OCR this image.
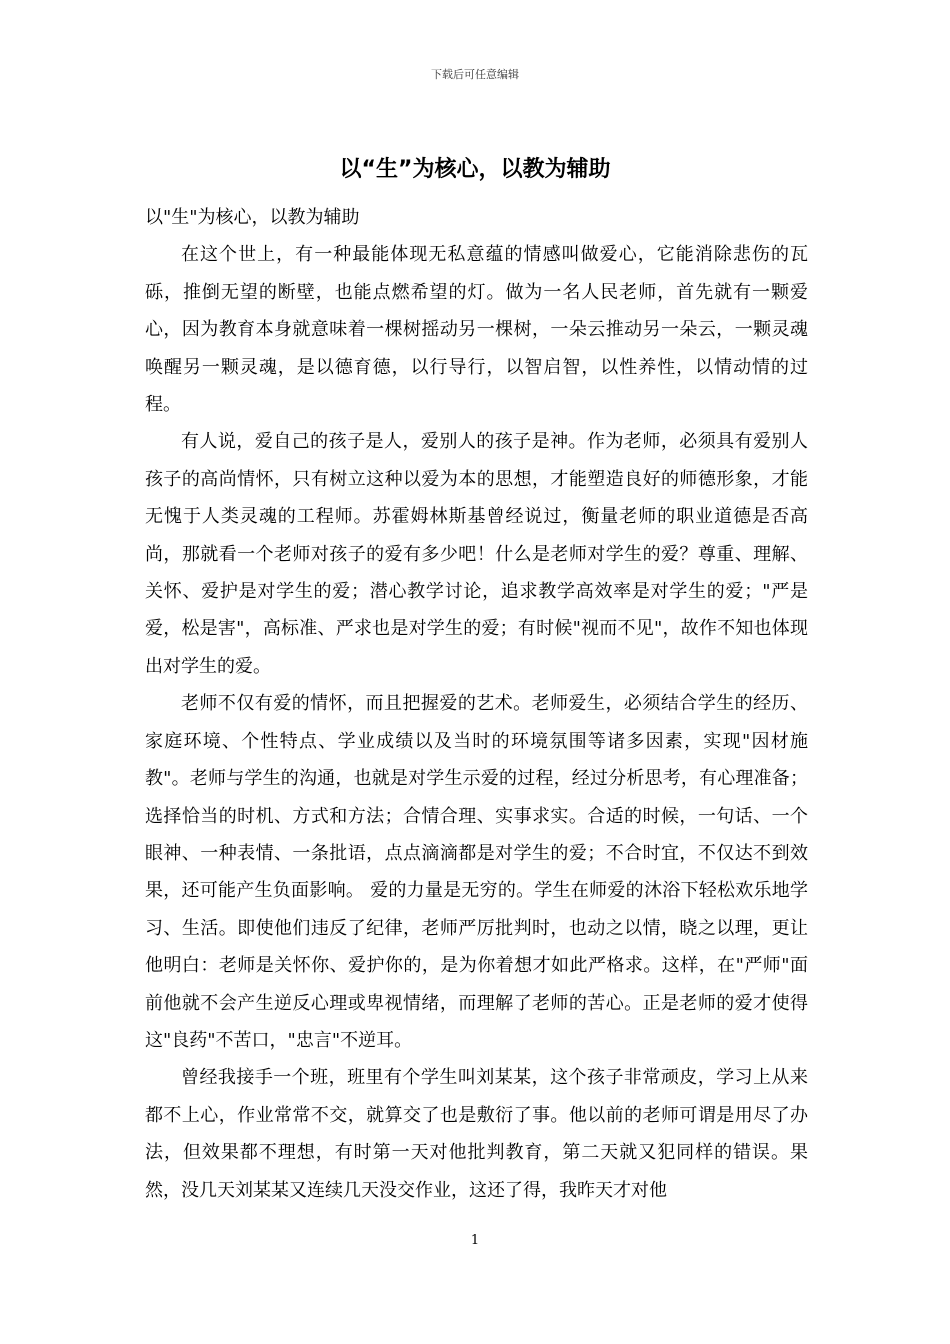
下载后可任意编辑
以“生”为核心，以教为辅助

以"生"为核心，以教为辅助

在这个世上，有一种最能体现无私意蕴的情感叫做爱心，它能消除悲伤的瓦砾，推倒无望的断壁，也能点燃希望的灯。做为一名人民老师，首先就有一颗爱心，因为教育本身就意味着一棵树摇动另一棵树，一朵云推动另一朵云，一颗灵魂唤醒另一颗灵魂，是以德育德，以行导行，以智启智，以性养性，以情动情的过程。

有人说，爱自己的孩子是人，爱别人的孩子是神。作为老师，必须具有爱别人孩子的高尚情怀，只有树立这种以爱为本的思想，才能塑造良好的师德形象，才能无愧于人类灵魂的工程师。苏霍姆林斯基曾经说过，衡量老师的职业道德是否高尚，那就看一个老师对孩子的爱有多少吧！什么是老师对学生的爱？尊重、理解、关怀、爱护是对学生的爱；潜心教学讨论，追求教学高效率是对学生的爱；"严是爱，松是害"，高标准、严求也是对学生的爱；有时候"视而不见"，故作不知也体现出对学生的爱。

老师不仅有爱的情怀，而且把握爱的艺术。老师爱生，必须结合学生的经历、家庭环境、个性特点、学业成绩以及当时的环境氛围等诸多因素，实现"因材施教"。老师与学生的沟通，也就是对学生示爱的过程，经过分析思考，有心理准备；选择恰当的时机、方式和方法；合情合理、实事求实。合适的时候，一句话、一个眼神、一种表情、一条批语，点点滴滴都是对学生的爱；不合时宜，不仅达不到效果，还可能产生负面影响。 爱的力量是无穷的。学生在师爱的沐浴下轻松欢乐地学习、生活。即使他们违反了纪律，老师严厉批判时，也动之以情，晓之以理，更让他明白：老师是关怀你、爱护你的，是为你着想才如此严格求。这样，在"严师"面前他就不会产生逆反心理或卑视情绪，而理解了老师的苦心。正是老师的爱才使得这"良药"不苦口，"忠言"不逆耳。

曾经我接手一个班，班里有个学生叫刘某某，这个孩子非常顽皮，学习上从来都不上心，作业常常不交，就算交了也是敷衍了事。他以前的老师可谓是用尽了办法，但效果都不理想，有时第一天对他批判教育，第二天就又犯同样的错误。果然，没几天刘某某又连续几天没交作业，这还了得，我昨天才对他

1
